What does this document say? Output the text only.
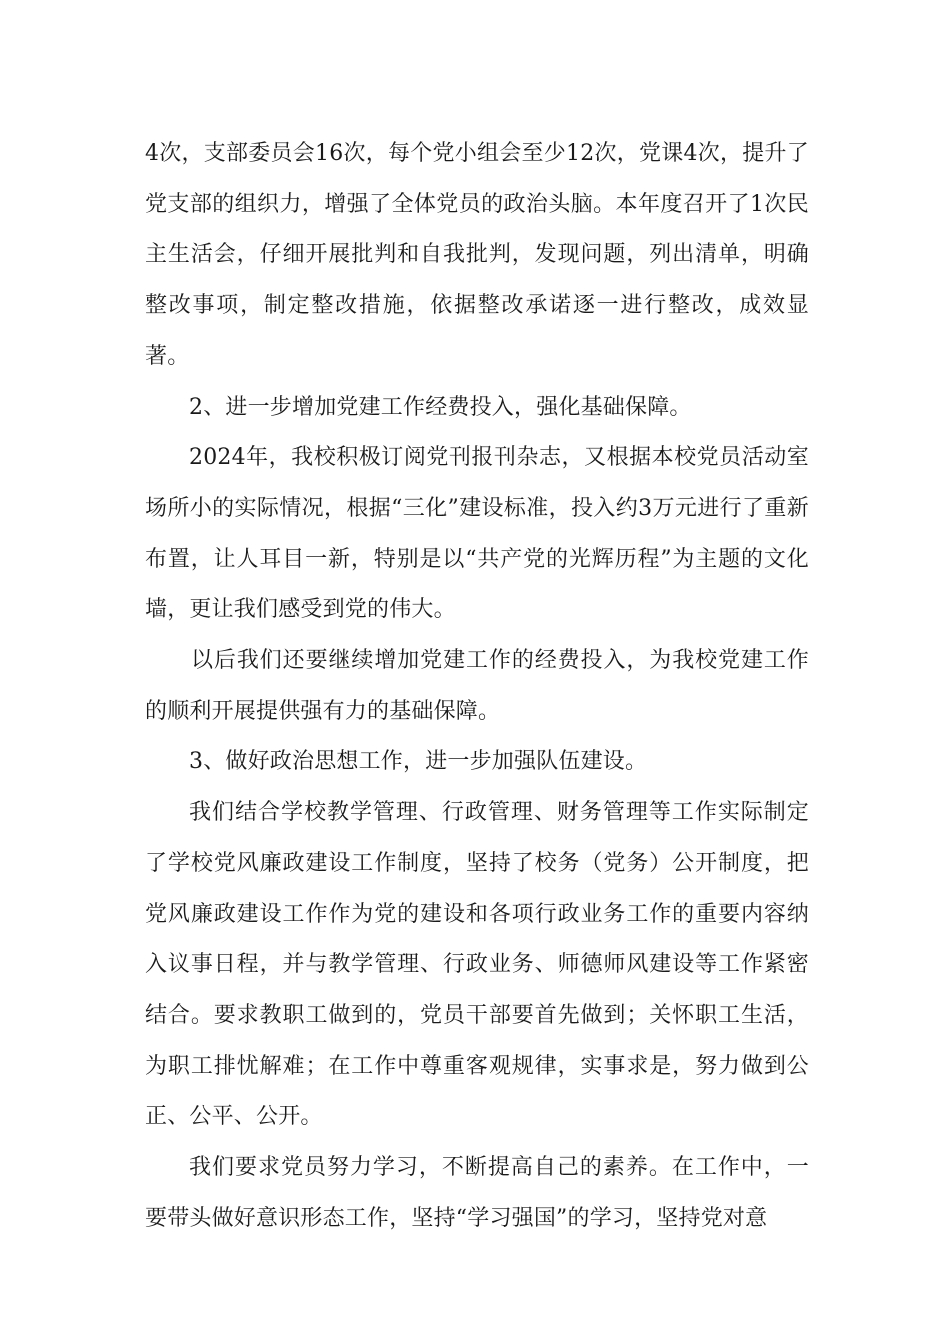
4次，支部委员会16次，每个党小组会至少12次，党课4次，提升了党支部的组织力，增强了全体党员的政治头脑。本年度召开了1次民主生活会，仔细开展批判和自我批判，发现问题，列出清单，明确整改事项，制定整改措施，依据整改承诺逐一进行整改，成效显著。

2、进一步增加党建工作经费投入，强化基础保障。

2024年，我校积极订阅党刊报刊杂志，又根据本校党员活动室场所小的实际情况，根据“三化”建设标准，投入约3万元进行了重新布置，让人耳目一新，特别是以“共产党的光辉历程”为主题的文化墙，更让我们感受到党的伟大。

以后我们还要继续增加党建工作的经费投入，为我校党建工作的顺利开展提供强有力的基础保障。

3、做好政治思想工作，进一步加强队伍建设。

我们结合学校教学管理、行政管理、财务管理等工作实际制定了学校党风廉政建设工作制度，坚持了校务（党务）公开制度，把党风廉政建设工作作为党的建设和各项行政业务工作的重要内容纳入议事日程，并与教学管理、行政业务、师德师风建设等工作紧密结合。要求教职工做到的，党员干部要首先做到；关怀职工生活，为职工排忧解难；在工作中尊重客观规律，实事求是，努力做到公正、公平、公开。

我们要求党员努力学习，不断提高自己的素养。在工作中，一要带头做好意识形态工作，坚持“学习强国”的学习，坚持党对意
